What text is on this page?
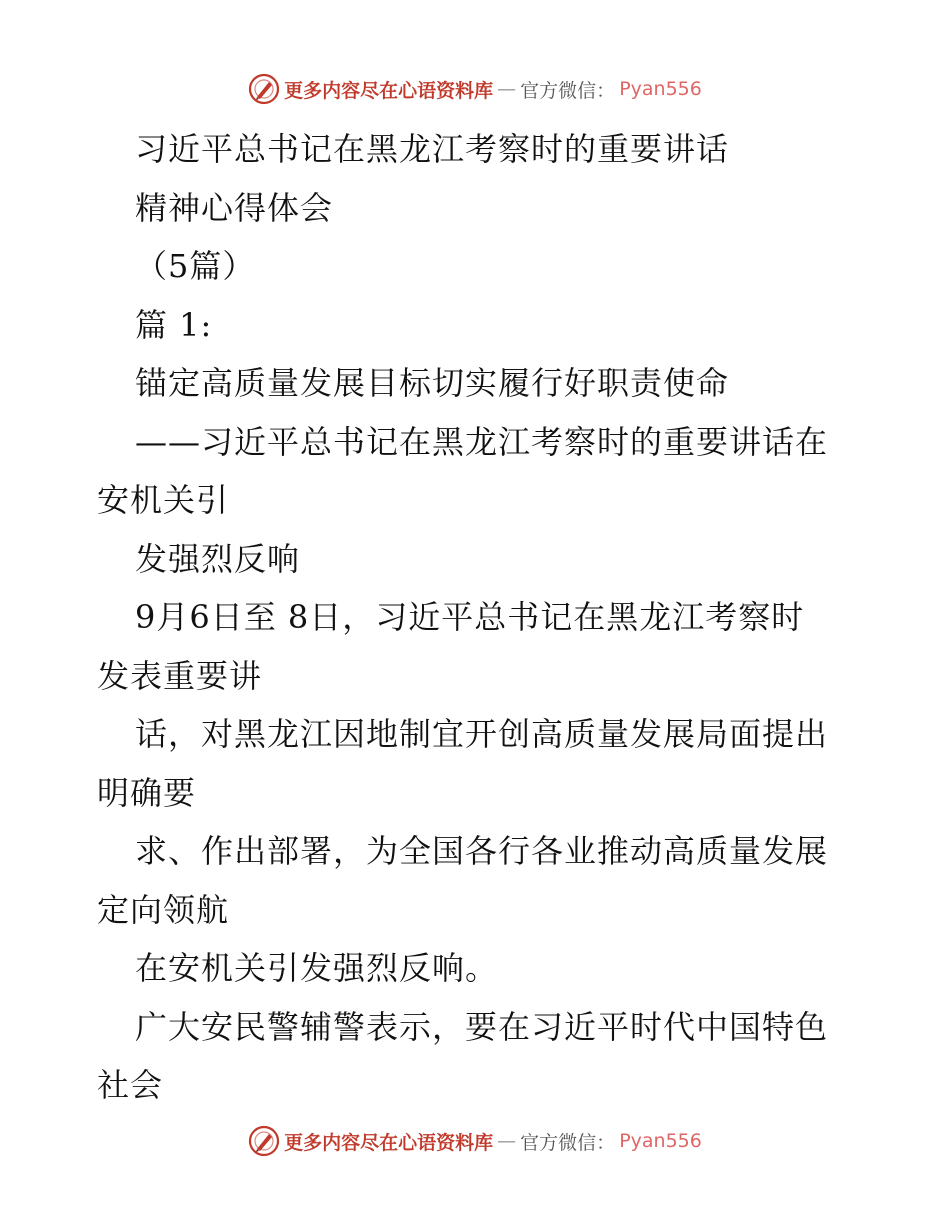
更多内容尽在心语资料库 — 官方微信： Pyan556
习近平总书记在黑龙江考察时的重要讲话
精神心得体会
（5篇）
篇 1:
锚定高质量发展目标切实履行好职责使命
——习近平总书记在黑龙江考察时的重要讲话在
安机关引
发强烈反响
9月6日至 8日，习近平总书记在黑龙江考察时
发表重要讲
话，对黑龙江因地制宜开创高质量发展局面提出
明确要
求、作出部署，为全国各行各业推动高质量发展
定向领航
在安机关引发强烈反响。
广大安民警辅警表示，要在习近平时代中国特色
社会
更多内容尽在心语资料库 — 官方微信： Pyan556
